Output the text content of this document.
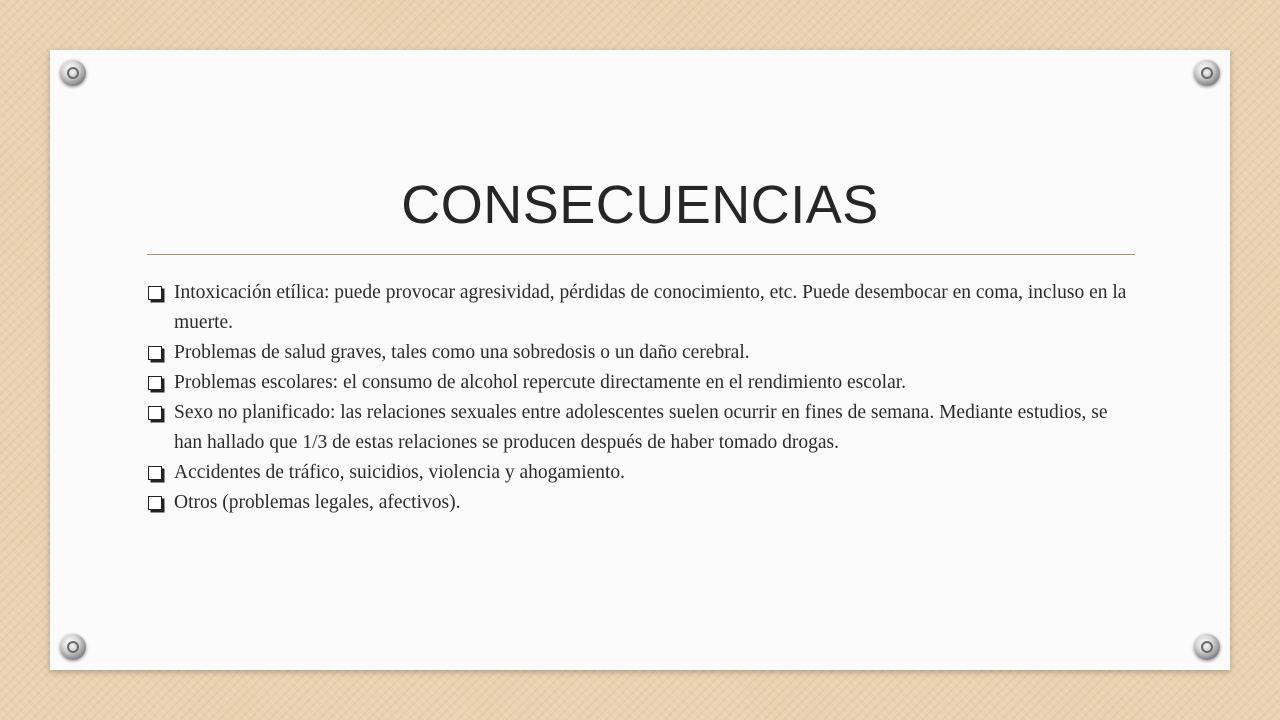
CONSECUENCIAS
Intoxicación etílica: puede provocar agresividad, pérdidas de conocimiento, etc. Puede desembocar en coma, incluso en la muerte.
Problemas de salud graves, tales como una sobredosis o un daño cerebral.
Problemas escolares: el consumo de alcohol repercute directamente en el rendimiento escolar.
Sexo no planificado: las relaciones sexuales entre adolescentes suelen ocurrir en fines de semana. Mediante estudios, se han hallado que 1/3 de estas relaciones se producen después de haber tomado drogas.
Accidentes de tráfico, suicidios, violencia y ahogamiento.
Otros (problemas legales, afectivos).
